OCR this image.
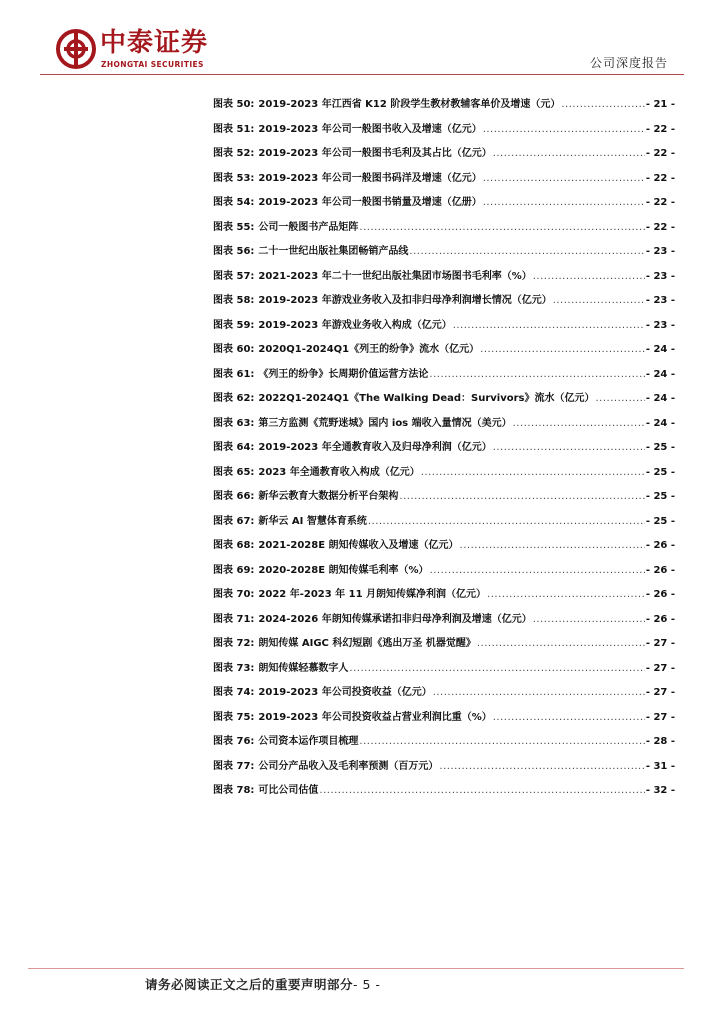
中泰证券
ZHONGTAI SECURITIES	公司深度报告
图表 50: 2019-2023 年江西省 K12 阶段学生教材教辅客单价及增速（元） .....	- 21 -
图表 51: 2019-2023 年公司一般图书收入及增速（亿元） .....	- 22 -
图表 52: 2019-2023 年公司一般图书毛利及其占比（亿元） .....	- 22 -
图表 53: 2019-2023 年公司一般图书码洋及增速（亿元） .....	- 22 -
图表 54: 2019-2023 年公司一般图书销量及增速（亿册） .....	- 22 -
图表 55: 公司一般图书产品矩阵 .....	- 22 -
图表 56: 二十一世纪出版社集团畅销产品线 .....	- 23 -
图表 57: 2021-2023 年二十一世纪出版社集团市场图书毛利率（%） .....	- 23 -
图表 58: 2019-2023 年游戏业务收入及扣非归母净利润增长情况（亿元） .....	- 23 -
图表 59: 2019-2023 年游戏业务收入构成（亿元） .....	- 23 -
图表 60: 2020Q1-2024Q1《列王的纷争》流水（亿元） .....	- 24 -
图表 61: 《列王的纷争》长周期价值运营方法论 .....	- 24 -
图表 62: 2022Q1-2024Q1《The Walking Dead：Survivors》流水（亿元） .....	- 24 -
图表 63: 第三方监测《荒野迷城》国内 ios 端收入量情况（美元） .....	- 24 -
图表 64: 2019-2023 年全通教育收入及归母净利润（亿元） .....	- 25 -
图表 65: 2023 年全通教育收入构成（亿元） .....	- 25 -
图表 66: 新华云教育大数据分析平台架构 .....	- 25 -
图表 67: 新华云 AI 智慧体育系统 .....	- 25 -
图表 68: 2021-2028E 朗知传媒收入及增速（亿元） .....	- 26 -
图表 69: 2020-2028E 朗知传媒毛利率（%） .....	- 26 -
图表 70: 2022 年-2023 年 11 月朗知传媒净利润（亿元） .....	- 26 -
图表 71: 2024-2026 年朗知传媒承诺扣非归母净利润及增速（亿元） .....	- 26 -
图表 72: 朗知传媒 AIGC 科幻短剧《逃出万圣 机器觉醒》 .....	- 27 -
图表 73: 朗知传媒轻慕数字人 .....	- 27 -
图表 74: 2019-2023 年公司投资收益（亿元） .....	- 27 -
图表 75: 2019-2023 年公司投资收益占营业利润比重（%） .....	- 27 -
图表 76: 公司资本运作项目梳理 .....	- 28 -
图表 77: 公司分产品收入及毛利率预测（百万元） .....	- 31 -
图表 78: 可比公司估值 .....	- 32 -
请务必阅读正文之后的重要声明部分- 5 -
